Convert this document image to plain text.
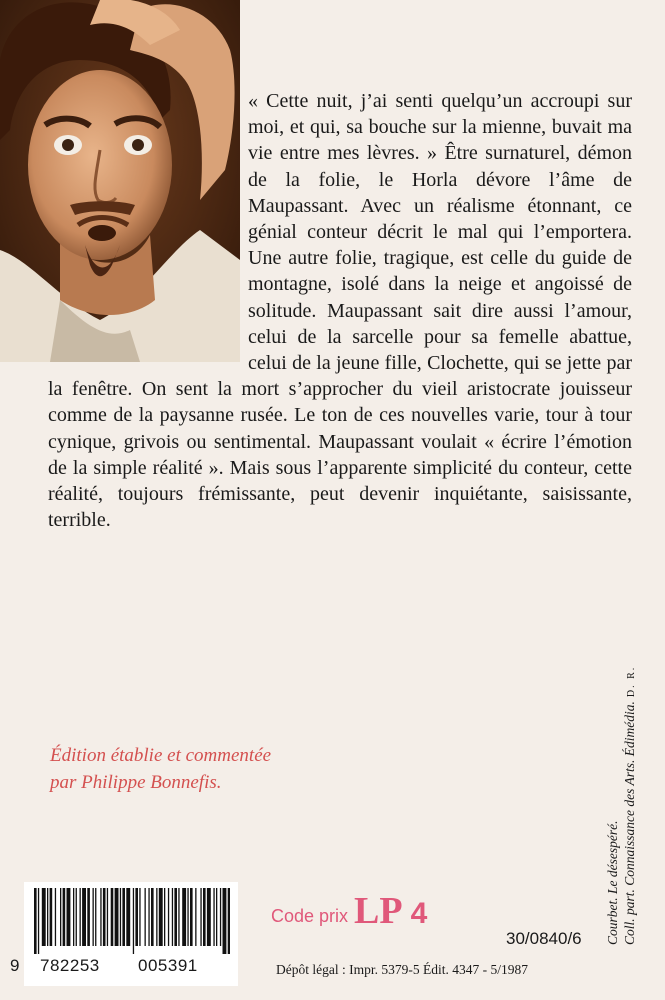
« Cette nuit, j’ai senti quelqu’un accroupi sur moi, et qui, sa bouche sur la mienne, buvait ma vie entre mes lèvres. » Être surnaturel, démon de la folie, le Horla dévore l’âme de Maupassant. Avec un réalisme étonnant, ce génial conteur décrit le mal qui l’emportera. Une autre folie, tragique, est celle du guide de montagne, isolé dans la neige et angoissé de solitude. Maupassant sait dire aussi l’amour, celui de la sarcelle pour sa femelle abattue, celui de la jeune fille, Clochette, qui se jette par la fenêtre. On sent la mort s’approcher du vieil aristocrate jouisseur comme de la paysanne rusée. Le ton de ces nouvelles varie, tour à tour cynique, grivois ou sentimental. Maupassant voulait « écrire l’émotion de la simple réalité ». Mais sous l’apparente simplicité du conteur, cette réalité, toujours frémissante, peut devenir inquiétante, saisissante, terrible.

Édition établie et commentée
par Philippe Bonnefis.
Courbet. Le désespéré. Coll. part. Connaissance des Arts. Édimédia.D. R.
9 782253 005391
Code prix LP 4
30/0840/6
Dépôt légal : Impr. 5379-5 Édit. 4347 - 5/1987
